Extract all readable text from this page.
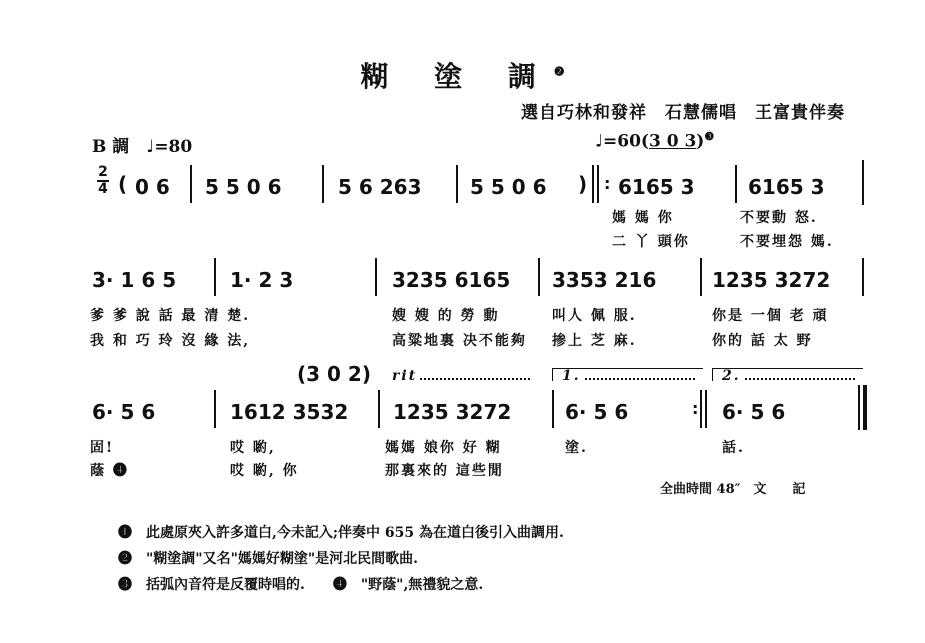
糊 塗 調$^❷$
選自巧林和發祥　石慧儒唱　王富貴伴奏
B 調　 ♩=80	♩=60(3 0 3)$^❸$
2
4 ( 0 6 5 5 0 6	5 6 263 5 5 0 6 ) : 6165 3	6165 3
媽 媽 你	不要動 怒.
二 丫 頭你	不要埋怨 媽.
3· 1 6 5	1· 2 3	3235 6165 3353 216	1235 3272
爹 爹 說 話 最 清 楚.	嫂 嫂 的 勞 動	叫人 佩 服.	你是 一個 老 頑
我 和 巧 玲 沒 緣 法,	高粱地裏 决不能夠 掺上 芝 麻.	你的 話 太 野
(3 0 2) rit	1.	2.
6· 5 6	1612 3532 1235 3272	6· 5 6	: 6· 5 6
固!	哎 喲,	媽媽 娘你 好 糊	塗.	話.
蔭 ❹	哎 喲, 你	那裏來的 這些閒
全曲時間 48″　文　　記
❶　此處原夾入許多道白,今未記入;伴奏中 655 為在道白後引入曲調用.
❷　"糊塗調"又名"媽媽好糊塗"是河北民間歌曲.
❸　括弧內音符是反覆時唱的.　　❹　"野蔭",無禮貌之意.
